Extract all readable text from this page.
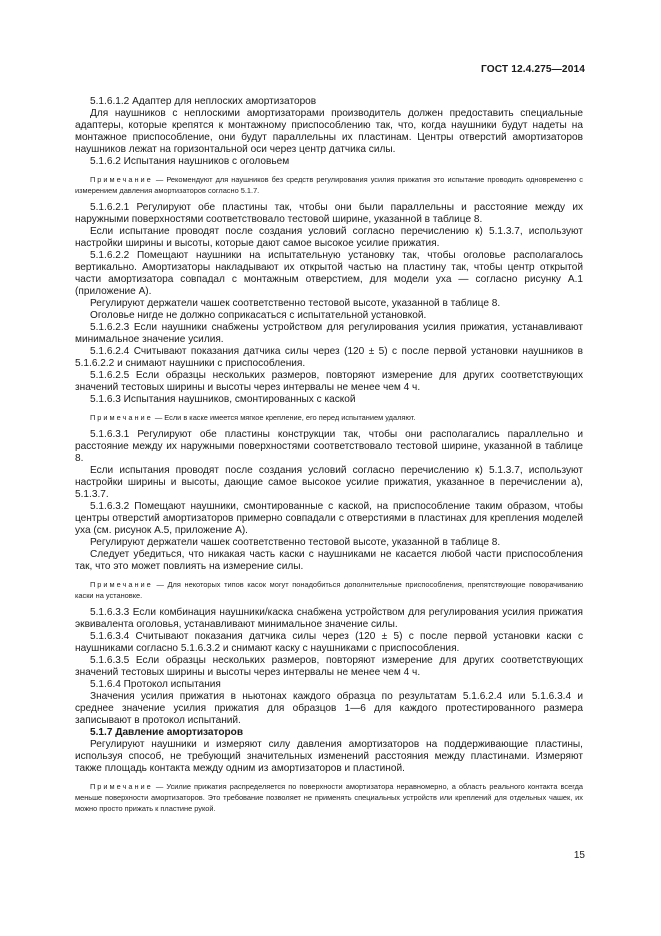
ГОСТ 12.4.275—2014

5.1.6.1.2 Адаптер для неплоских амортизаторов

Для наушников с неплоскими амортизаторами производитель должен предоставить специальные адаптеры, которые крепятся к монтажному приспособлению так, что, когда наушники будут надеты на монтажное приспособление, они будут параллельны их пластинам. Центры отверстий амортизаторов наушников лежат на горизонтальной оси через центр датчика силы.

5.1.6.2 Испытания наушников с оголовьем

Примечание — Рекомендуют для наушников без средств регулирования усилия прижатия это испытание проводить одновременно с измерением давления амортизаторов согласно 5.1.7.

5.1.6.2.1 Регулируют обе пластины так, чтобы они были параллельны и расстояние между их наружными поверхностями соответствовало тестовой ширине, указанной в таблице 8.

Если испытание проводят после создания условий согласно перечислению к) 5.1.3.7, используют настройки ширины и высоты, которые дают самое высокое усилие прижатия.

5.1.6.2.2 Помещают наушники на испытательную установку так, чтобы оголовье располагалось вертикально. Амортизаторы накладывают их открытой частью на пластину так, чтобы центр открытой части амортизатора совпадал с монтажным отверстием, для модели уха — согласно рисунку А.1 (приложение А).

Регулируют держатели чашек соответственно тестовой высоте, указанной в таблице 8.

Оголовье нигде не должно соприкасаться с испытательной установкой.

5.1.6.2.3 Если наушники снабжены устройством для регулирования усилия прижатия, устанавливают минимальное значение усилия.

5.1.6.2.4 Считывают показания датчика силы через (120 ± 5) с после первой установки наушников в 5.1.6.2.2 и снимают наушники с приспособления.

5.1.6.2.5 Если образцы нескольких размеров, повторяют измерение для других соответствующих значений тестовых ширины и высоты через интервалы не менее чем 4 ч.

5.1.6.3 Испытания наушников, смонтированных с каской

Примечание — Если в каске имеется мягкое крепление, его перед испытанием удаляют.

5.1.6.3.1 Регулируют обе пластины конструкции так, чтобы они располагались параллельно и расстояние между их наружными поверхностями соответствовало тестовой ширине, указанной в таблице 8.

Если испытания проводят после создания условий согласно перечислению к) 5.1.3.7, используют настройки ширины и высоты, дающие самое высокое усилие прижатия, указанное в перечислении а), 5.1.3.7.

5.1.6.3.2 Помещают наушники, смонтированные с каской, на приспособление таким образом, чтобы центры отверстий амортизаторов примерно совпадали с отверстиями в пластинах для крепления моделей уха (см. рисунок А.5, приложение А).

Регулируют держатели чашек соответственно тестовой высоте, указанной в таблице 8.

Следует убедиться, что никакая часть каски с наушниками не касается любой части приспособления так, что это может повлиять на измерение силы.

Примечание — Для некоторых типов касок могут понадобиться дополнительные приспособления, препятствующие поворачиванию каски на установке.

5.1.6.3.3 Если комбинация наушники/каска снабжена устройством для регулирования усилия прижатия эквивалента оголовья, устанавливают минимальное значение силы.

5.1.6.3.4 Считывают показания датчика силы через (120 ± 5) с после первой установки каски с наушниками согласно 5.1.6.3.2 и снимают каску с наушниками с приспособления.

5.1.6.3.5 Если образцы нескольких размеров, повторяют измерение для других соответствующих значений тестовых ширины и высоты через интервалы не менее чем 4 ч.

5.1.6.4 Протокол испытания

Значения усилия прижатия в ньютонах каждого образца по результатам 5.1.6.2.4 или 5.1.6.3.4 и среднее значение усилия прижатия для образцов 1—6 для каждого протестированного размера записывают в протокол испытаний.

5.1.7 Давление амортизаторов

Регулируют наушники и измеряют силу давления амортизаторов на поддерживающие пластины, используя способ, не требующий значительных изменений расстояния между пластинами. Измеряют также площадь контакта между одним из амортизаторов и пластиной.

Примечание — Усилие прижатия распределяется по поверхности амортизатора неравномерно, а область реального контакта всегда меньше поверхности амортизаторов. Это требование позволяет не применять специальных устройств или креплений для отдельных чашек, их можно просто прижать к пластине рукой.
15
